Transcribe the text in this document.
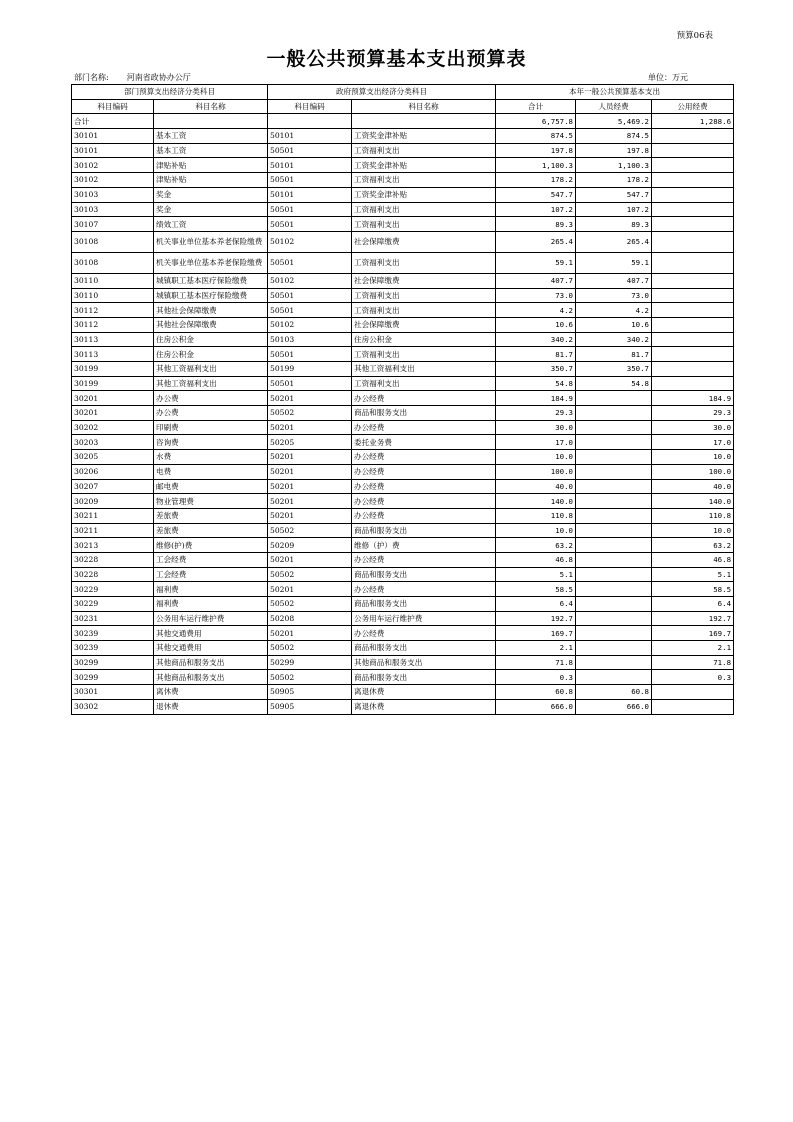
预算06表
一般公共预算基本支出预算表
部门名称: 河南省政协办公厅	单位：万元
部门预算支出经济分类科目		政府预算支出经济分类科目		本年一般公共预算基本支出		
科目编码	科目名称	科目编码	科目名称	合计	人员经费	公用经费
合计				6,757.8	5,469.2	1,288.6
30101	基本工资	50101	工资奖金津补贴	874.5	874.5	
30101	基本工资	50501	工资福利支出	197.8	197.8	
30102	津贴补贴	50101	工资奖金津补贴	1,100.3	1,100.3	
30102	津贴补贴	50501	工资福利支出	178.2	178.2	
30103	奖金	50101	工资奖金津补贴	547.7	547.7	
30103	奖金	50501	工资福利支出	107.2	107.2	
30107	绩效工资	50501	工资福利支出	89.3	89.3	
30108	机关事业单位基本养老保险缴费	50102	社会保障缴费	265.4	265.4	
30108	机关事业单位基本养老保险缴费	50501	工资福利支出	59.1	59.1	
30110	城镇职工基本医疗保险缴费	50102	社会保障缴费	407.7	407.7	
30110	城镇职工基本医疗保险缴费	50501	工资福利支出	73.0	73.0	
30112	其他社会保障缴费	50501	工资福利支出	4.2	4.2	
30112	其他社会保障缴费	50102	社会保障缴费	10.6	10.6	
30113	住房公积金	50103	住房公积金	340.2	340.2	
30113	住房公积金	50501	工资福利支出	81.7	81.7	
30199	其他工资福利支出	50199	其他工资福利支出	350.7	350.7	
30199	其他工资福利支出	50501	工资福利支出	54.8	54.8	
30201	办公费	50201	办公经费	184.9		184.9
30201	办公费	50502	商品和服务支出	29.3		29.3
30202	印刷费	50201	办公经费	30.0		30.0
30203	咨询费	50205	委托业务费	17.0		17.0
30205	水费	50201	办公经费	10.0		10.0
30206	电费	50201	办公经费	100.0		100.0
30207	邮电费	50201	办公经费	40.0		40.0
30209	物业管理费	50201	办公经费	140.0		140.0
30211	差旅费	50201	办公经费	110.8		110.8
30211	差旅费	50502	商品和服务支出	10.0		10.0
30213	维修(护)费	50209	维修（护）费	63.2		63.2
30228	工会经费	50201	办公经费	46.8		46.8
30228	工会经费	50502	商品和服务支出	5.1		5.1
30229	福利费	50201	办公经费	58.5		58.5
30229	福利费	50502	商品和服务支出	6.4		6.4
30231	公务用车运行维护费	50208	公务用车运行维护费	192.7		192.7
30239	其他交通费用	50201	办公经费	169.7		169.7
30239	其他交通费用	50502	商品和服务支出	2.1		2.1
30299	其他商品和服务支出	50299	其他商品和服务支出	71.8		71.8
30299	其他商品和服务支出	50502	商品和服务支出	0.3		0.3
30301	离休费	50905	离退休费	60.8	60.8	
30302	退休费	50905	离退休费	666.0	666.0	
